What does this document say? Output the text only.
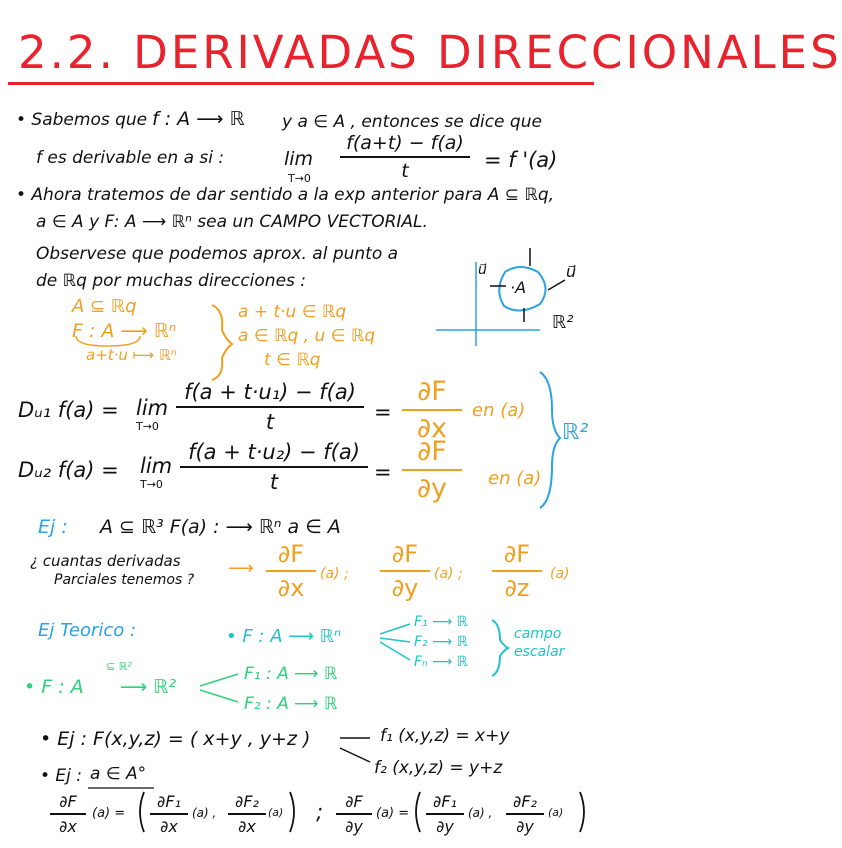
2.2. DERIVADAS DIRECCIONALES
• Sabemos que f : A ⟶ ℝ y a ∈ A , entonces se dice que
f es derivable en a si :	lim
T→0
f(a+t) − f(a)
t	= f '(a)
• Ahora tratemos de dar sentido a la exp anterior para A ⊆ ℝq,
a ∈ A y F: A ⟶ ℝⁿ sea un CAMPO VECTORIAL.
Observese que podemos aprox. al punto a
de ℝq por muchas direcciones :
u⃗
·A
u⃗
ℝ²
A ⊆ ℝq
F : A ⟶ ℝⁿ
a+t·u ⟼ ℝⁿ
a + t·u ∈ ℝq
a ∈ ℝq , u ∈ ℝq
t ∈ ℝq
Dᵤ₁ f(a) = lim
T→0
f(a + t·u₁) − f(a)
t	=
∂F
∂x
en (a)
Dᵤ₂ f(a) = lim
T→0
f(a + t·u₂) − f(a)
t	=
∂F
∂y	en (a)
ℝ²
Ej : A ⊆ ℝ³ F(a) : ⟶ ℝⁿ a ∈ A
¿ cuantas derivadas
Parciales tenemos ?
⟶
∂F
∂x	(a) ;
∂F
∂y	(a) ;
∂F
∂z	(a)
Ej Teorico :	• F : A ⟶ ℝⁿ
F₁ ⟶ ℝ
F₂ ⟶ ℝ
Fₙ ⟶ ℝ
campo
escalar
• F : A
⊆ ℝ²
⟶ ℝ²
F₁ : A ⟶ ℝ
F₂ : A ⟶ ℝ
• Ej : F(x,y,z) = ( x+y , y+z )	f₁ (x,y,z) = x+y
f₂ (x,y,z) = y+z
• Ej : a ∈ A°
∂F
∂x
(a) =
∂F₁
∂x
(a) ,
∂F₂
∂x
(a) ;	∂F
∂y
(a) =
∂F₁
∂y
(a) ,
∂F₂
∂y
(a)
